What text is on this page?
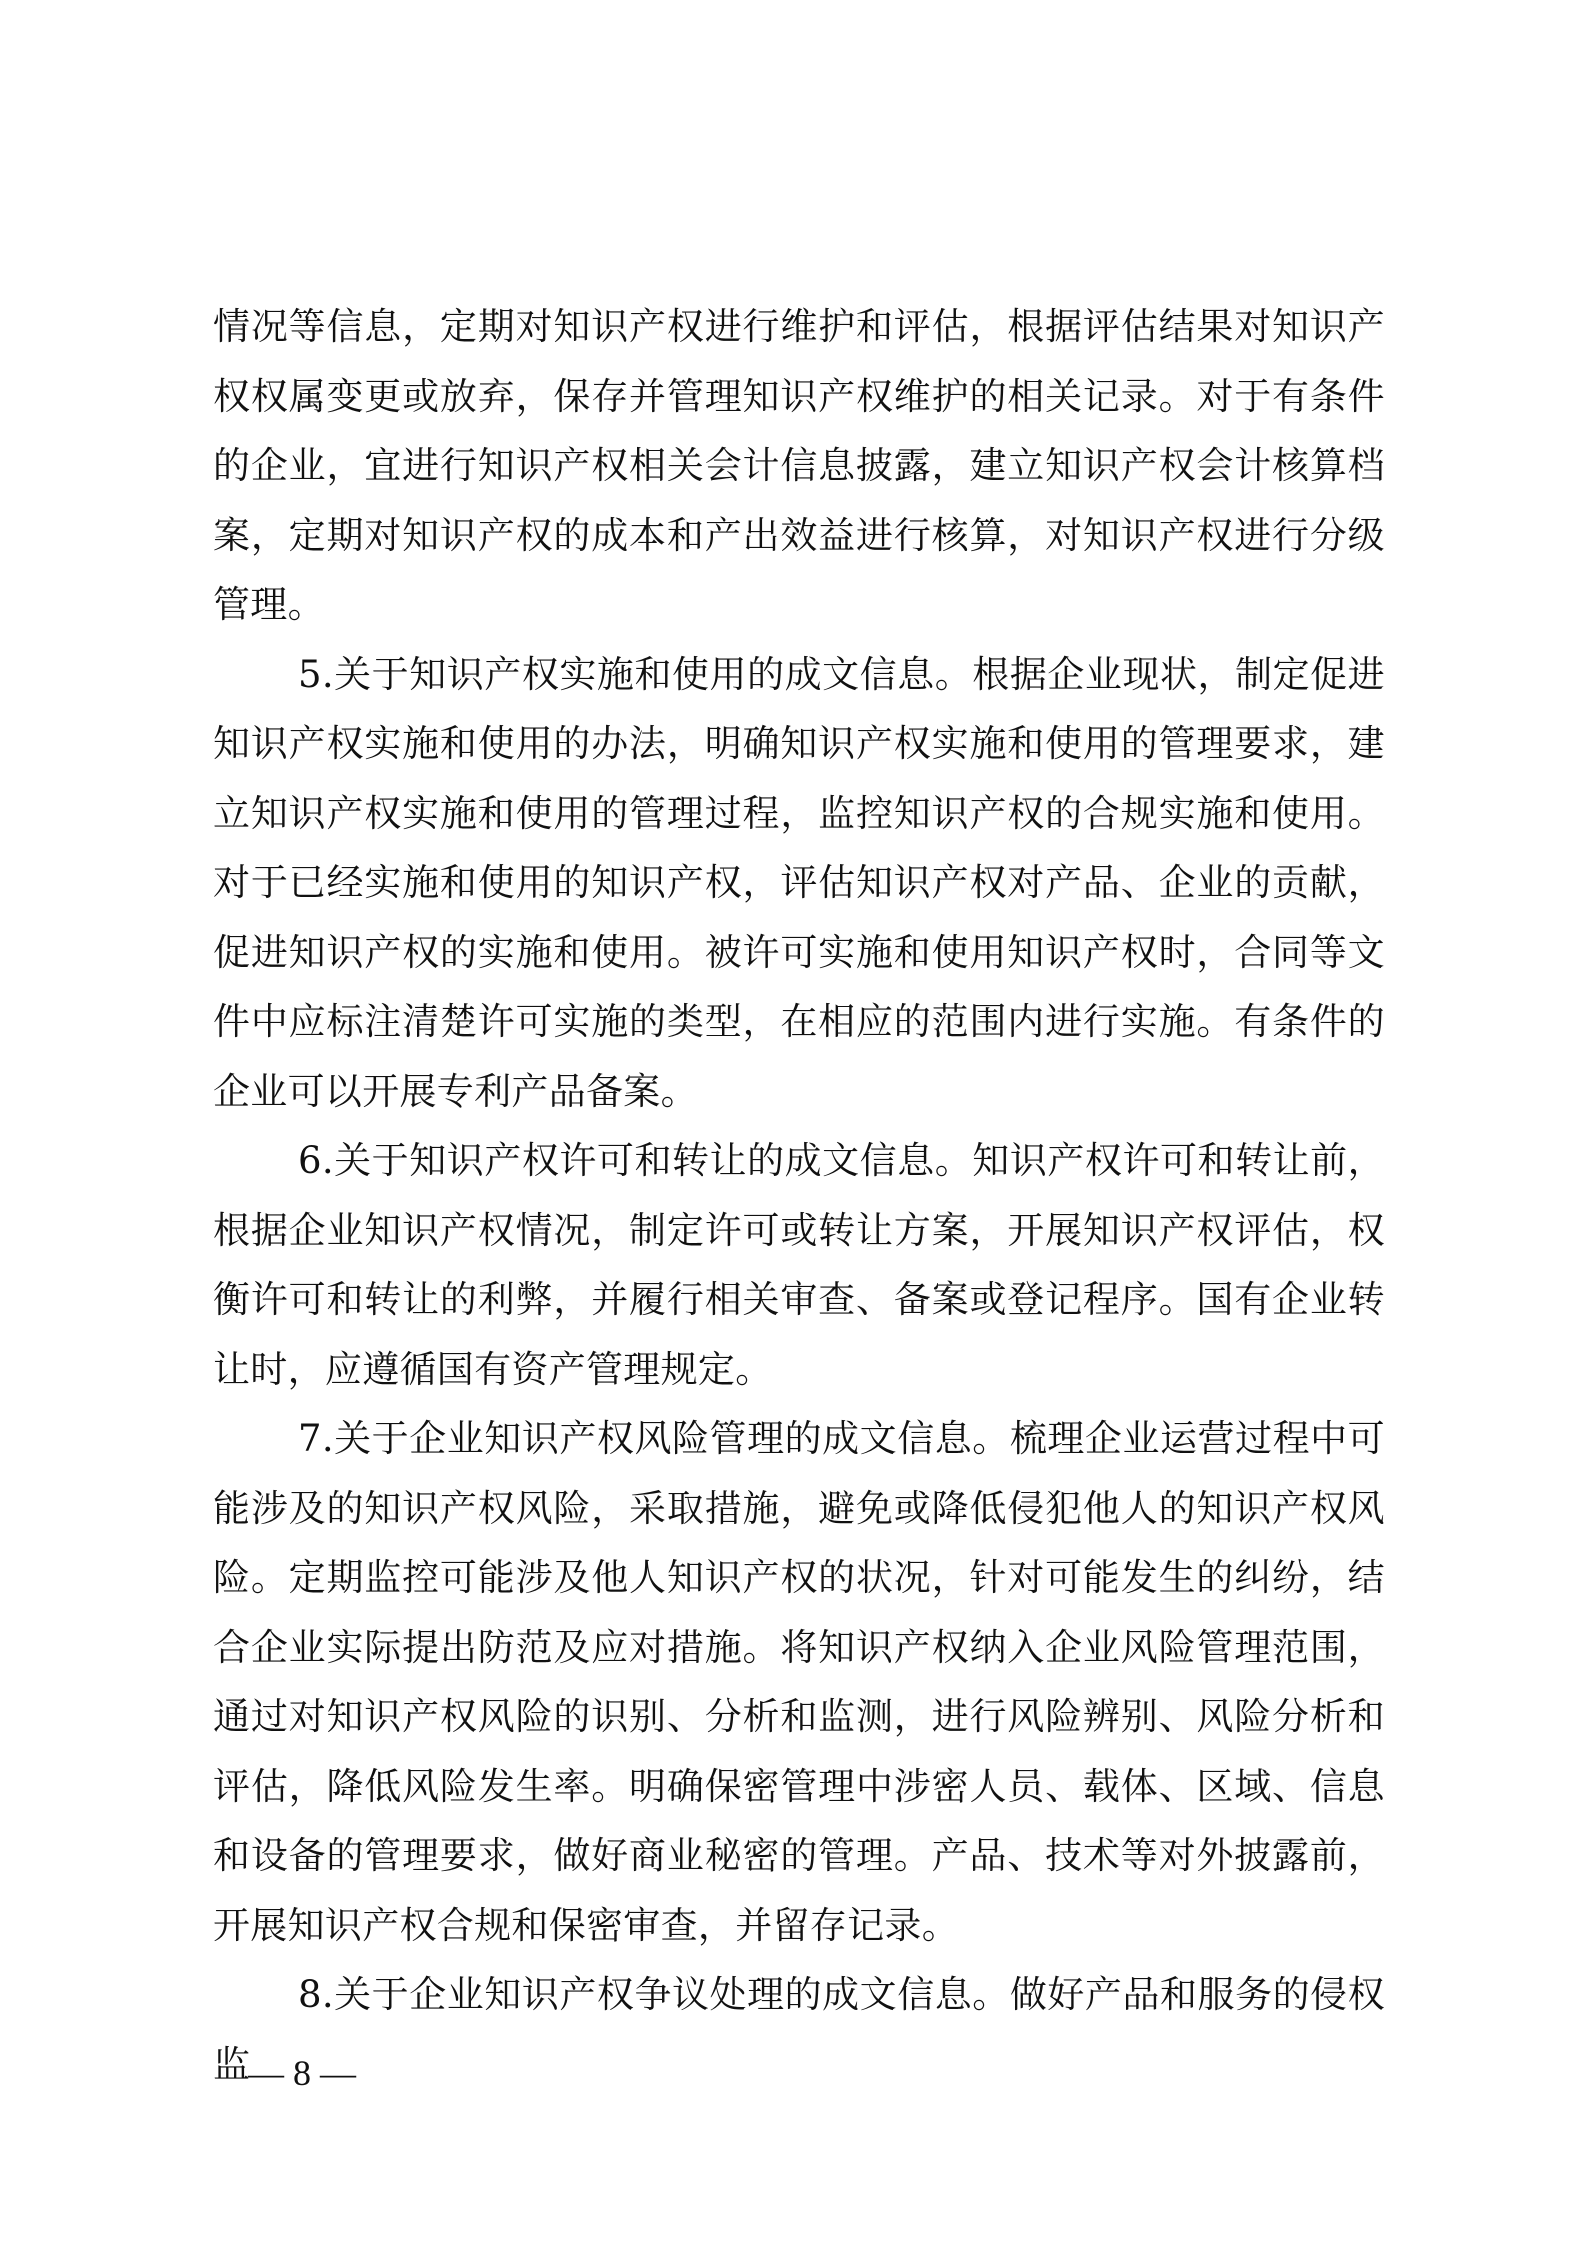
情况等信息，定期对知识产权进行维护和评估，根据评估结果对知识产权权属变更或放弃，保存并管理知识产权维护的相关记录。对于有条件的企业，宜进行知识产权相关会计信息披露，建立知识产权会计核算档案，定期对知识产权的成本和产出效益进行核算，对知识产权进行分级管理。

5.关于知识产权实施和使用的成文信息。根据企业现状，制定促进知识产权实施和使用的办法，明确知识产权实施和使用的管理要求，建立知识产权实施和使用的管理过程，监控知识产权的合规实施和使用。对于已经实施和使用的知识产权，评估知识产权对产品、企业的贡献，促进知识产权的实施和使用。被许可实施和使用知识产权时，合同等文件中应标注清楚许可实施的类型，在相应的范围内进行实施。有条件的企业可以开展专利产品备案。

6.关于知识产权许可和转让的成文信息。知识产权许可和转让前，根据企业知识产权情况，制定许可或转让方案，开展知识产权评估，权衡许可和转让的利弊，并履行相关审查、备案或登记程序。国有企业转让时，应遵循国有资产管理规定。

7.关于企业知识产权风险管理的成文信息。梳理企业运营过程中可能涉及的知识产权风险，采取措施，避免或降低侵犯他人的知识产权风险。定期监控可能涉及他人知识产权的状况，针对可能发生的纠纷，结合企业实际提出防范及应对措施。将知识产权纳入企业风险管理范围，通过对知识产权风险的识别、分析和监测，进行风险辨别、风险分析和评估，降低风险发生率。明确保密管理中涉密人员、载体、区域、信息和设备的管理要求，做好商业秘密的管理。产品、技术等对外披露前，开展知识产权合规和保密审查，并留存记录。

8.关于企业知识产权争议处理的成文信息。做好产品和服务的侵权监

— 8 —
